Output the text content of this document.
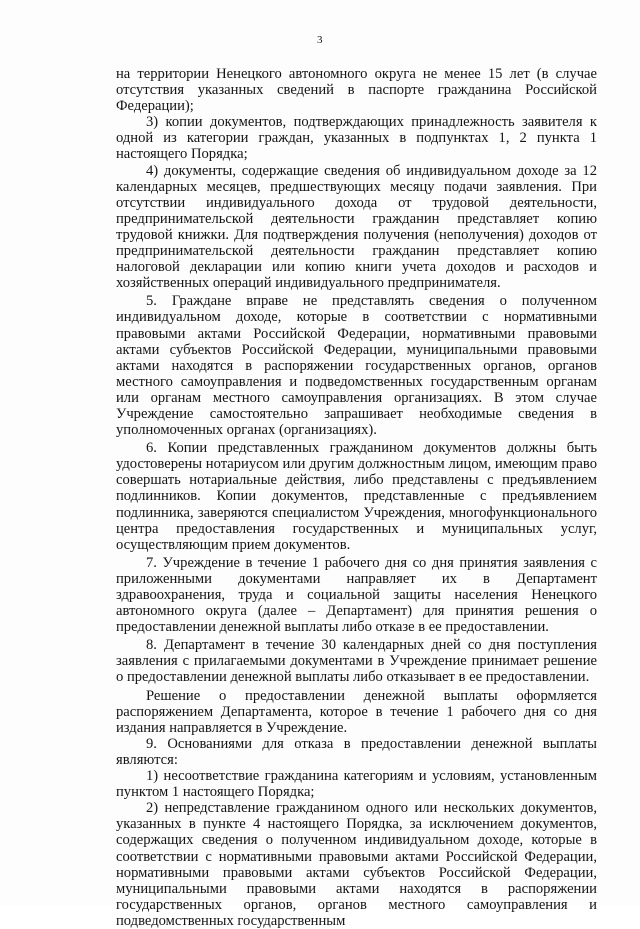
3

на территории Ненецкого автономного округа не менее 15 лет (в случае отсутствия указанных сведений в паспорте гражданина Российской Федерации);

3) копии документов, подтверждающих принадлежность заявителя к одной из категории граждан, указанных в подпунктах 1, 2 пункта 1 настоящего Порядка;

4) документы, содержащие сведения об индивидуальном доходе за 12 календарных месяцев, предшествующих месяцу подачи заявления. При отсутствии индивидуального дохода от трудовой деятельности, предпринимательской деятельности гражданин представляет копию трудовой книжки. Для подтверждения получения (неполучения) доходов от предпринимательской деятельности гражданин представляет копию налоговой декларации или копию книги учета доходов и расходов и хозяйственных операций индивидуального предпринимателя.

5. Граждане вправе не представлять сведения о полученном индивидуальном доходе, которые в соответствии с нормативными правовыми актами Российской Федерации, нормативными правовыми актами субъектов Российской Федерации, муниципальными правовыми актами находятся в распоряжении государственных органов, органов местного самоуправления и подведомственных государственным органам или органам местного самоуправления организациях. В этом случае Учреждение самостоятельно запрашивает необходимые сведения в уполномоченных органах (организациях).

6. Копии представленных гражданином документов должны быть удостоверены нотариусом или другим должностным лицом, имеющим право совершать нотариальные действия, либо представлены с предъявлением подлинников. Копии документов, представленные с предъявлением подлинника, заверяются специалистом Учреждения, многофункционального центра предоставления государственных и муниципальных услуг, осуществляющим прием документов.

7. Учреждение в течение 1 рабочего дня со дня принятия заявления с приложенными документами направляет их в Департамент здравоохранения, труда и социальной защиты населения Ненецкого автономного округа (далее – Департамент) для принятия решения о предоставлении денежной выплаты либо отказе в ее предоставлении.

8. Департамент в течение 30 календарных дней со дня поступления заявления с прилагаемыми документами в Учреждение принимает решение о предоставлении денежной выплаты либо отказывает в ее предоставлении.

Решение о предоставлении денежной выплаты оформляется распоряжением Департамента, которое в течение 1 рабочего дня со дня издания направляется в Учреждение.

9. Основаниями для отказа в предоставлении денежной выплаты являются:

1) несоответствие гражданина категориям и условиям, установленным пунктом 1 настоящего Порядка;

2) непредставление гражданином одного или нескольких документов, указанных в пункте 4 настоящего Порядка, за исключением документов, содержащих сведения о полученном индивидуальном доходе, которые в соответствии с нормативными правовыми актами Российской Федерации, нормативными правовыми актами субъектов Российской Федерации, муниципальными правовыми актами находятся в распоряжении государственных органов, органов местного самоуправления и подведомственных государственным
